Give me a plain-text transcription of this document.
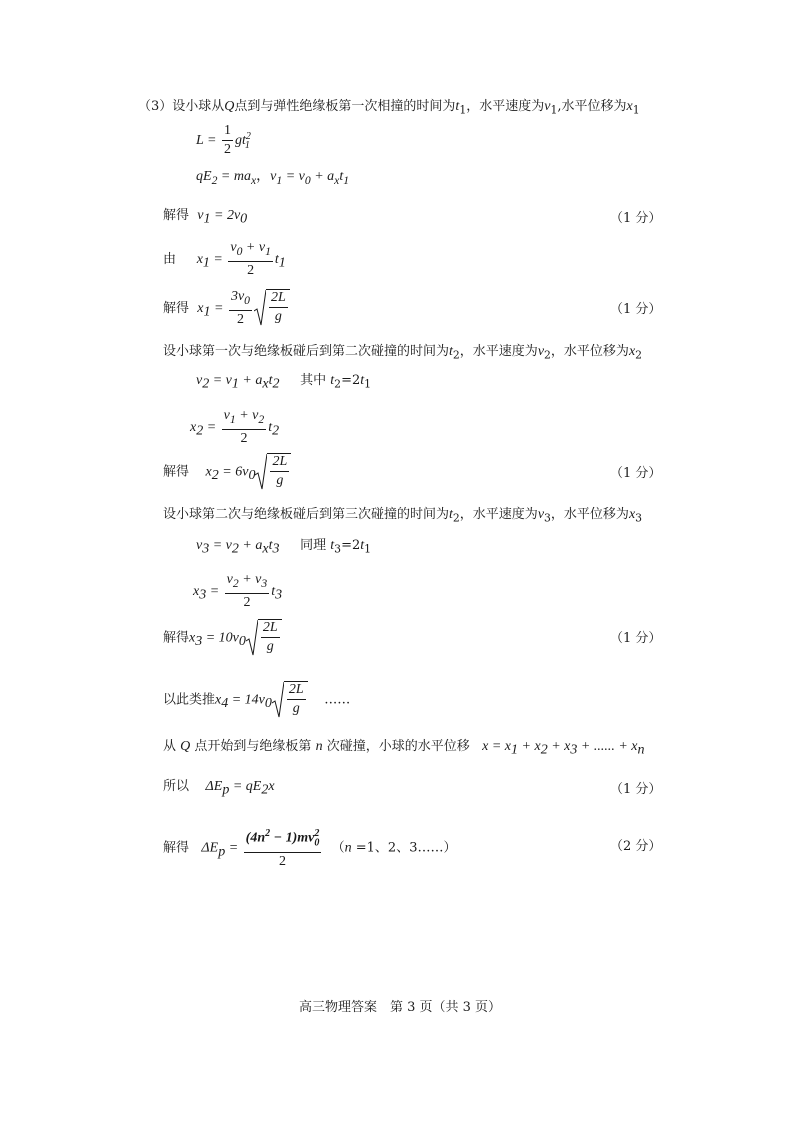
（3）设小球从Q点到与弹性绝缘板第一次相撞的时间为$t_1$，水平速度为$v_1$,水平位移为$x_1$
$L = \frac{1}{2} gt^2_1$
$qE_2 = ma_x$，$v_1 = v_0 + a_xt_1$
解得 $v_1 = 2v_0$	（1 分）
由 $x_1 = \frac{v_0 + v_1}{2} t_1$
解得 $x_1 = \frac{3v_0}{2} \frac{2L}{g}$	（1 分）
设小球第一次与绝缘板碰后到第二次碰撞的时间为$t_2$，水平速度为$v_2$，水平位移为$x_2$
$v_2 = v_1 + a_xt_2$ 其中 $t_2=2t_1$
$x_2 = \frac{v_1 + v_2}{2} t_2$
解得 $x_2 = 6v_0 \frac{2L}{g}$	（1 分）
设小球第二次与绝缘板碰后到第三次碰撞的时间为$t_2$，水平速度为$v_3$，水平位移为$x_3$
$v_3 = v_2 + a_xt_3$ 同理 $t_3=2t_1$
$x_3 = \frac{v_2 + v_3}{2} t_3$
解得$x_3 = 10v_0 \frac{2L}{g}$	（1 分）
以此类推$x_4 = 14v_0 \frac{2L}{g}$ ……
从 Q 点开始到与绝缘板第 n 次碰撞，小球的水平位移 $x = x_1 + x_2 + x_3$ + ...... + $x_n$
所以 $\Delta E_p = qE_2x$	（1 分）
解得 $\Delta E_p = \frac{(4n^2 - 1)mv_0^2}{2} (n =1$、2、3……）	（2 分）
高三物理答案　第 3 页（共 3 页）
